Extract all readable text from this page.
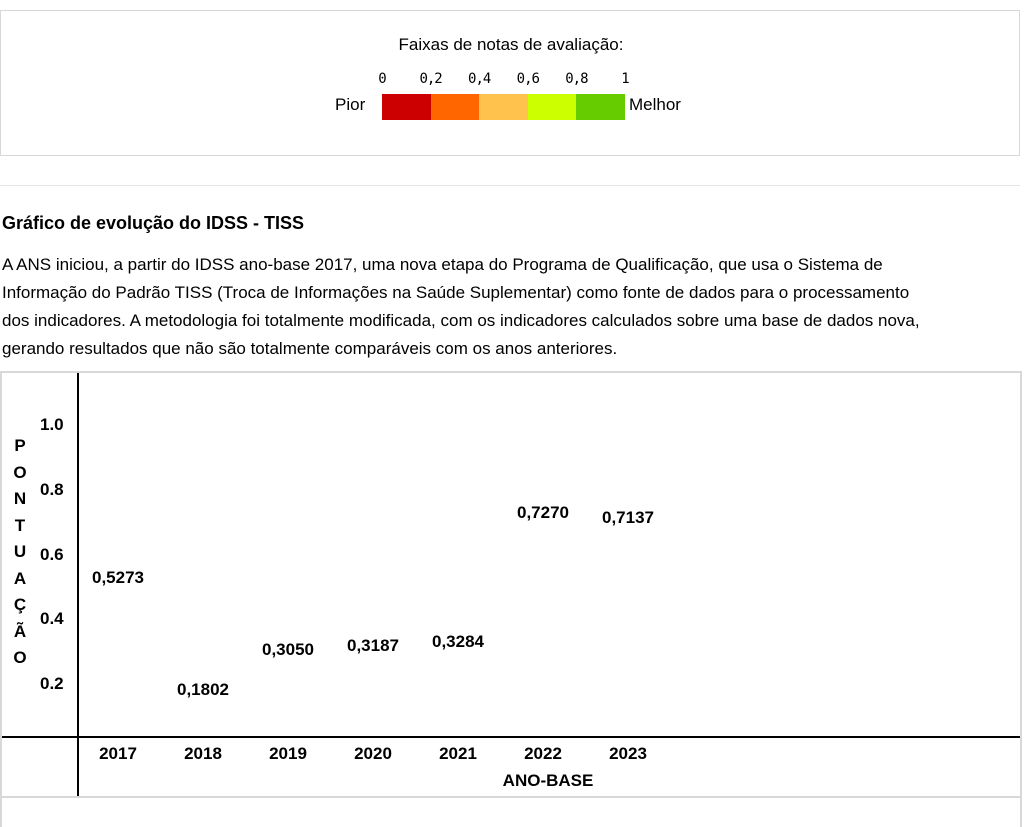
Faixas de notas de avaliação:
0 0,2 0,4 0,6 0,8 1
Pior	Melhor
Gráfico de evolução do IDSS - TISS

A ANS iniciou, a partir do IDSS ano-base 2017, uma nova etapa do Programa de Qualificação, que usa o Sistema de
Informação do Padrão TISS (Troca de Informações na Saúde Suplementar) como fonte de dados para o processamento
dos indicadores. A metodologia foi totalmente modificada, com os indicadores calculados sobre uma base de dados nova,
gerando resultados que não são totalmente comparáveis com os anos anteriores.

P
O
N
T
U
A
Ç
Ã
O
1.0
0.8
0.6
0.4
0.2
2017	2018	2019	2020	2021	2022	2023
0,5273
0,1802
0,3050 0,3187 0,3284
0,7270 0,7137
ANO-BASE
